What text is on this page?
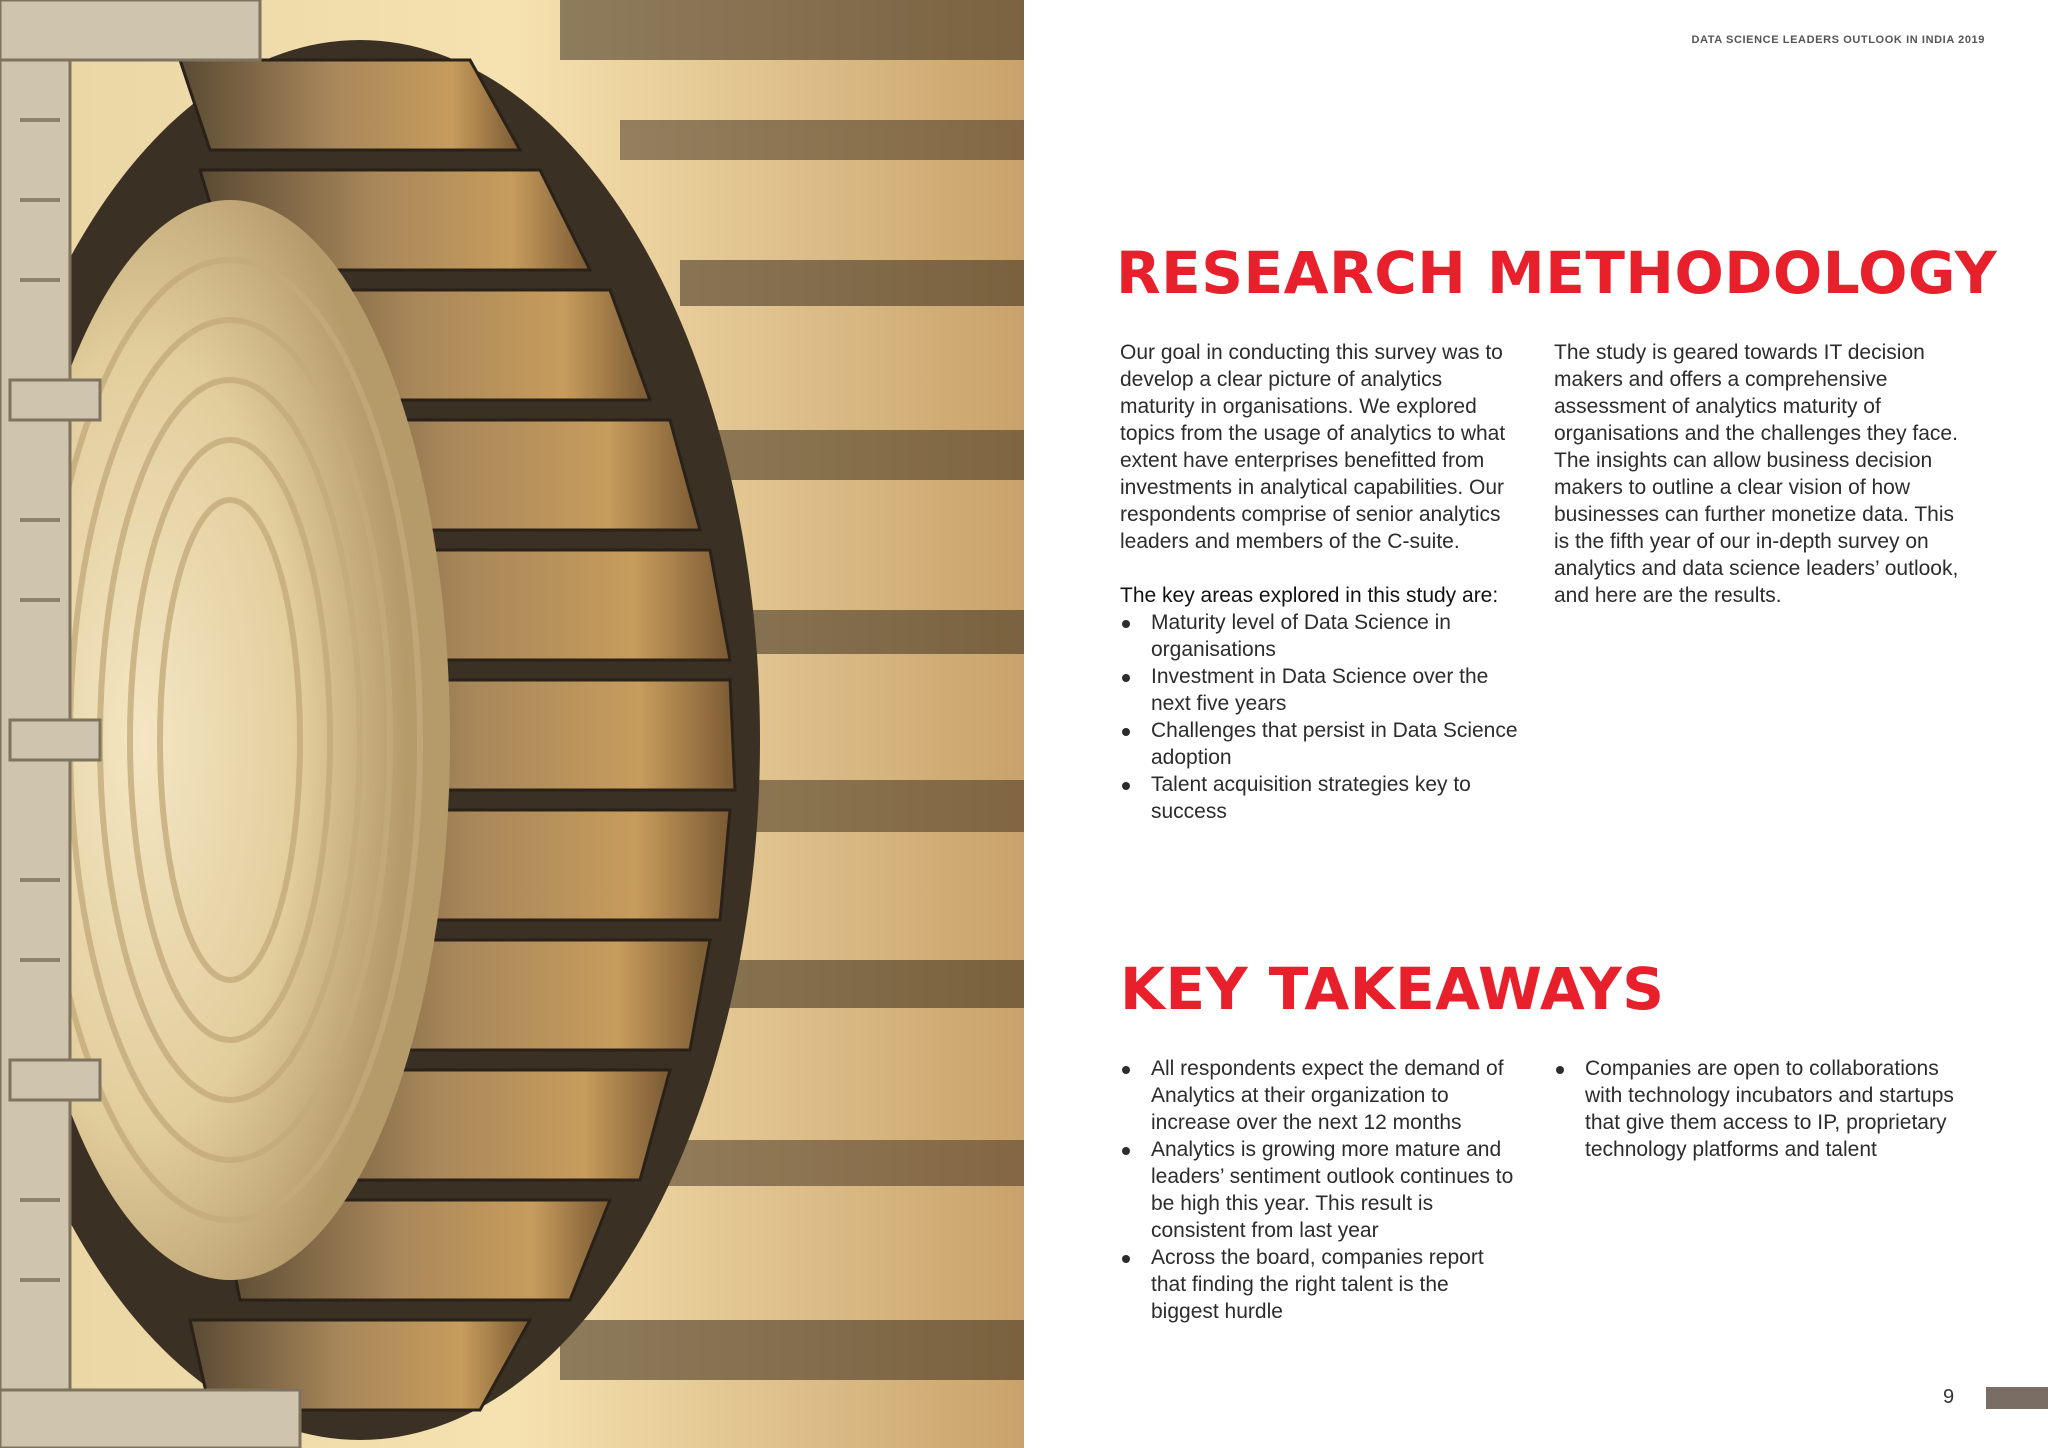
DATA SCIENCE LEADERS OUTLOOK IN INDIA 2019
RESEARCH METHODOLOGY

Our goal in conducting this survey was to develop a clear picture of analytics maturity in organisations. We explored topics from the usage of analytics to what extent have enterprises benefitted from investments in analytical capabilities. Our respondents comprise of senior analytics leaders and members of the C-suite.

The key areas explored in this study are:

Maturity level of Data Science in organisations
Investment in Data Science over the next five years
Challenges that persist in Data Science adoption
Talent acquisition strategies key to success

The study is geared towards IT decision makers and offers a comprehensive assessment of analytics maturity of organisations and the challenges they face. The insights can allow business decision makers to outline a clear vision of how businesses can further monetize data. This is the fifth year of our in-depth survey on analytics and data science leaders’ outlook, and here are the results.

KEY TAKEAWAYS
All respondents expect the demand of Analytics at their organization to increase over the next 12 months
Analytics is growing more mature and leaders’ sentiment outlook continues to be high this year. This result is consistent from last year
Across the board, companies report that finding the right talent is the biggest hurdle
Companies are open to collaborations with technology incubators and startups that give them access to IP, proprietary technology platforms and talent
9
